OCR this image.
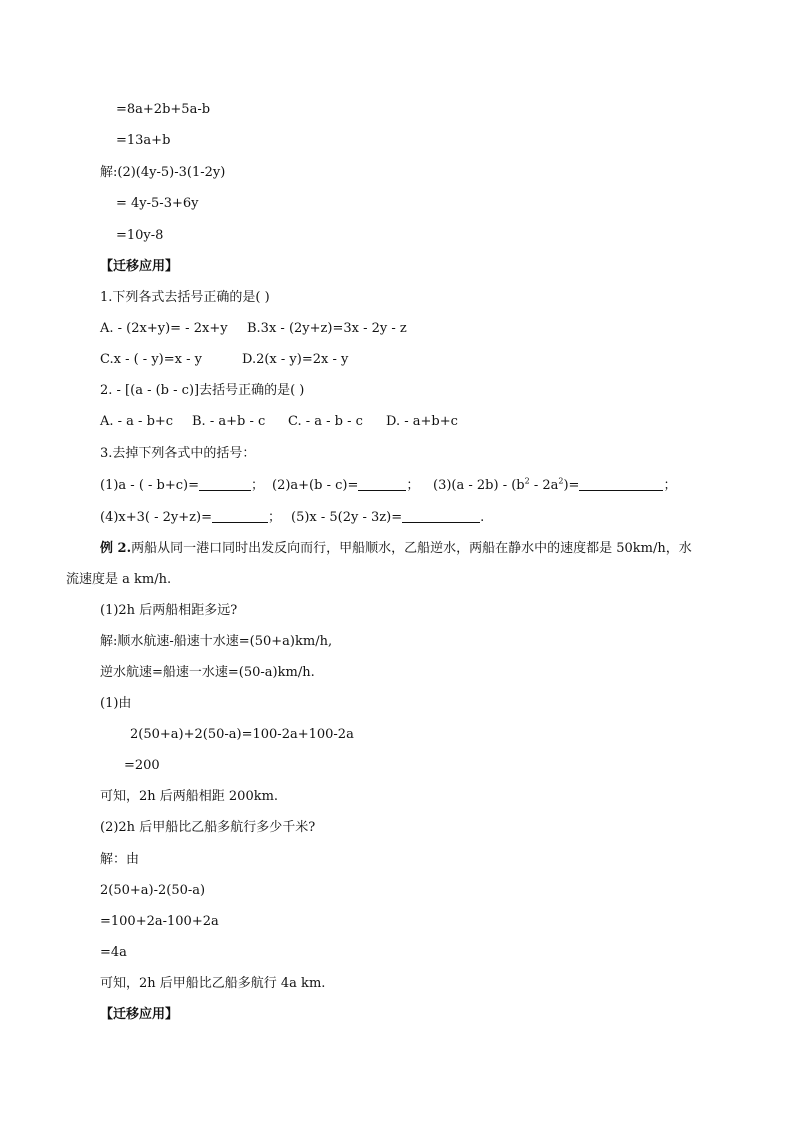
=8a+2b+5a-b
=13a+b
解:(2)(4y-5)-3(1-2y)
= 4y-5-3+6y
=10y-8
【迁移应用】
1.下列各式去括号正确的是( )
A. - (2x+y)= - 2x+y B.3x - (2y+z)=3x - 2y - z
C.x - ( - y)=x - y	D.2(x - y)=2x - y
2. - [(a - (b - c)]去括号正确的是( )
A. - a - b+c B. - a+b - c C. - a - b - c D. - a+b+c
3.去掉下列各式中的括号：
(1)a - ( - b+c)=	； (2)a+(b - c)=	； $(3)(a - 2b) - (b^2 - 2a^2)=$	；
(4)x+3( - 2y+z)=	； (5)x - 5(2y - 3z)=	.
例 2.两船从同一港口同时出发反向而行，甲船顺水，乙船逆水，两船在静水中的速度都是 50km/h，水
流速度是 a km/h.
(1)2h 后两船相距多远?
解:顺水航速-船速十水速=(50+a)km/h,
逆水航速=船速一水速=(50-a)km/h.
(1)由
2(50+a)+2(50-a)=100-2a+100-2a
=200
可知，2h 后两船相距 200km.
(2)2h 后甲船比乙船多航行多少千米?
解：由
2(50+a)-2(50-a)
=100+2a-100+2a
=4a
可知，2h 后甲船比乙船多航行 4a km.
【迁移应用】
